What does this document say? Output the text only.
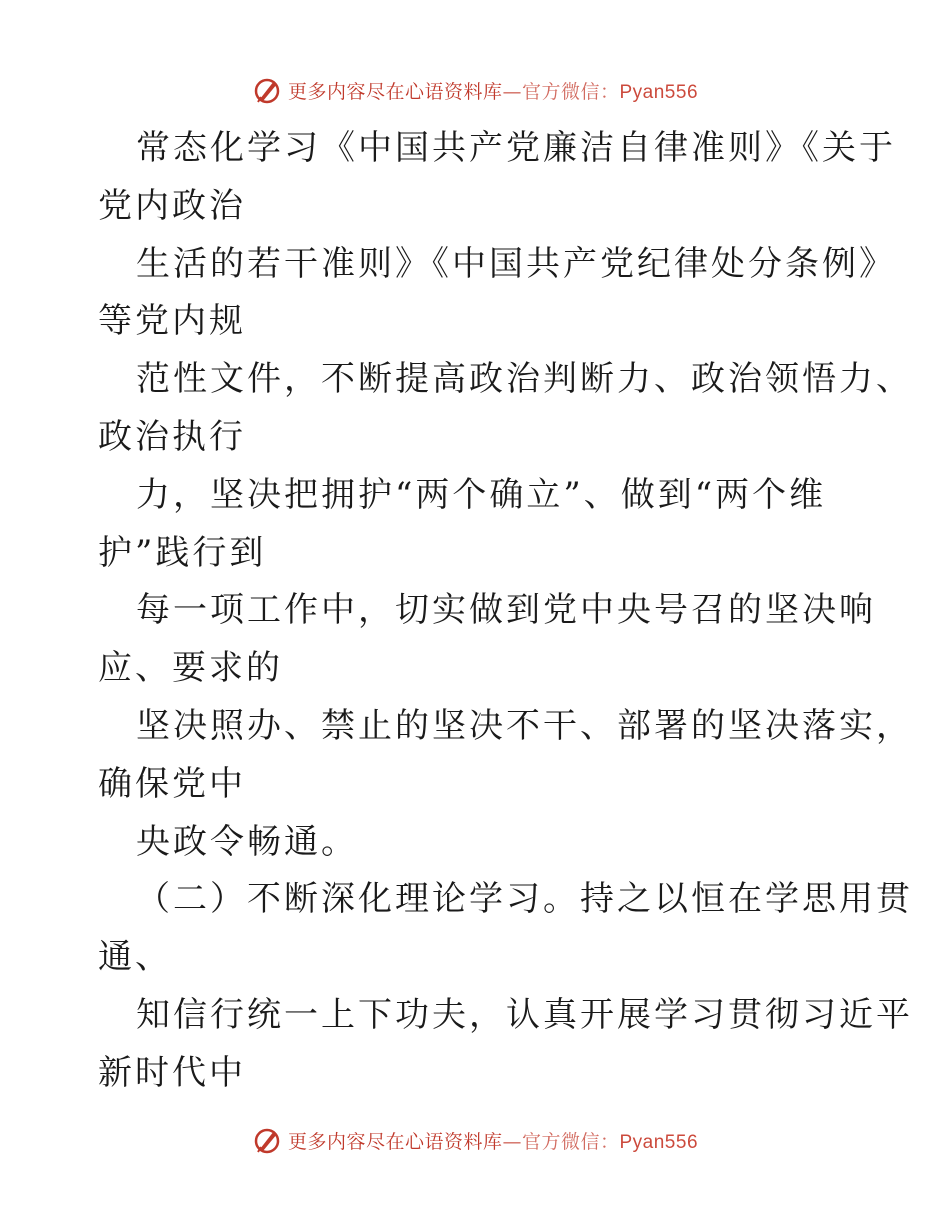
更多内容尽在心语资料库—官方微信：Pyan556
常态化学习《中国共产党廉洁自律准则》《关于
党内政治
生活的若干准则》《中国共产党纪律处分条例》
等党内规
范性文件，不断提高政治判断力、政治领悟力、
政治执行
力，坚决把拥护“两个确立”、做到“两个维
护”践行到
每一项工作中，切实做到党中央号召的坚决响
应、要求的
坚决照办、禁止的坚决不干、部署的坚决落实，
确保党中
央政令畅通。
（二）不断深化理论学习。持之以恒在学思用贯
通、
知信行统一上下功夫，认真开展学习贯彻习近平
新时代中
更多内容尽在心语资料库—官方微信：Pyan556
